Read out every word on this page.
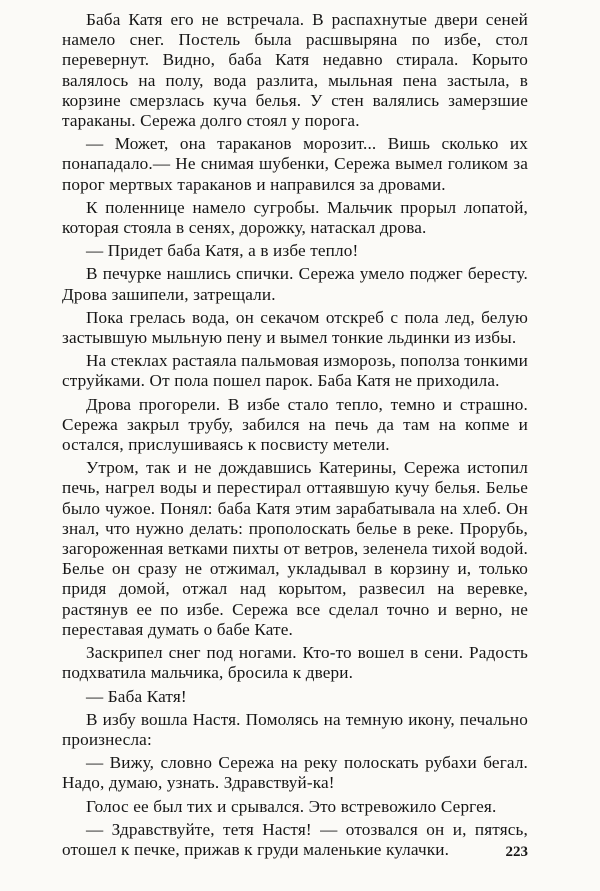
Баба Катя его не встречала. В распахнутые двери сеней намело снег. Постель была расшвыряна по избе, стол перевернут. Видно, баба Катя недавно стирала. Корыто валялось на полу, вода разлита, мыльная пена застыла, в корзине смерзлась куча белья. У стен валялись замерзшие тараканы. Сережа долго стоял у порога.

— Может, она тараканов морозит... Вишь сколько их понападало.— Не снимая шубенки, Сережа вымел голиком за порог мертвых тараканов и направился за дровами.

К поленнице намело сугробы. Мальчик прорыл лопатой, которая стояла в сенях, дорожку, натаскал дрова.

— Придет баба Катя, а в избе тепло!

В печурке нашлись спички. Сережа умело поджег бересту. Дрова зашипели, затрещали.

Пока грелась вода, он секачом отскреб с пола лед, белую застывшую мыльную пену и вымел тонкие льдинки из избы.

На стеклах растаяла пальмовая изморозь, пополза тонкими струйками. От пола пошел парок. Баба Катя не приходила.

Дрова прогорели. В избе стало тепло, темно и страшно. Сережа закрыл трубу, забился на печь да там на копме и остался, прислушиваясь к посвисту метели.

Утром, так и не дождавшись Катерины, Сережа истопил печь, нагрел воды и перестирал оттаявшую кучу белья. Белье было чужое. Понял: баба Катя этим зарабатывала на хлеб. Он знал, что нужно делать: прополоскать белье в реке. Прорубь, загороженная ветками пихты от ветров, зеленела тихой водой. Белье он сразу не отжимал, укладывал в корзину и, только придя домой, отжал над корытом, развесил на веревке, растянув ее по избе. Сережа все сделал точно и верно, не переставая думать о бабе Кате.

Заскрипел снег под ногами. Кто-то вошел в сени. Радость подхватила мальчика, бросила к двери.

— Баба Катя!

В избу вошла Настя. Помолясь на темную икону, печально произнесла:

— Вижу, словно Сережа на реку полоскать рубахи бегал. Надо, думаю, узнать. Здравствуй-ка!

Голос ее был тих и срывался. Это встревожило Сергея.

— Здравствуйте, тетя Настя! — отозвался он и, пятясь, отошел к печке, прижав к груди маленькие кулачки.	223
